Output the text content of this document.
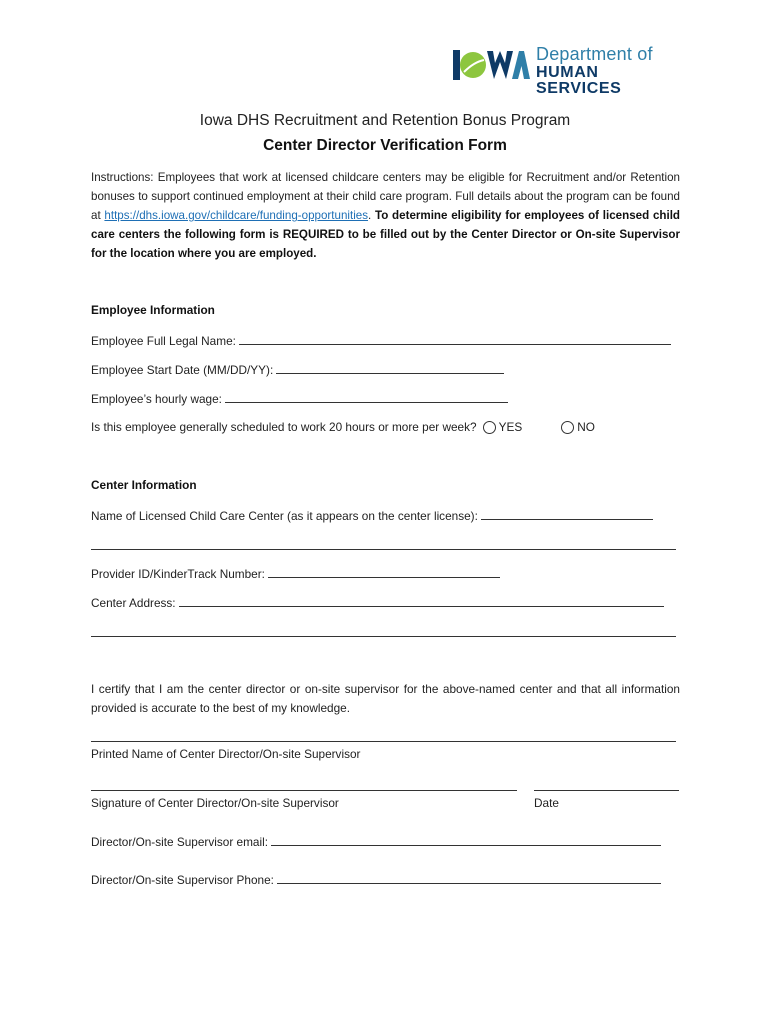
Department of
HUMAN SERVICES
Iowa DHS Recruitment and Retention Bonus Program
Center Director Verification Form
Instructions: Employees that work at licensed childcare centers may be eligible for Recruitment and/or Retention bonuses to support continued employment at their child care program. Full details about the program can be found at https://dhs.iowa.gov/childcare/funding-opportunities. To determine eligibility for employees of licensed child care centers the following form is REQUIRED to be filled out by the Center Director or On-site Supervisor for the location where you are employed.
Employee Information
Employee Full Legal Name:
Employee Start Date (MM/DD/YY):
Employee’s hourly wage:
Is this employee generally scheduled to work 20 hours or more per week? YES	NO
Center Information
Name of Licensed Child Care Center (as it appears on the center license):
Provider ID/KinderTrack Number:
Center Address:
I certify that I am the center director or on-site supervisor for the above-named center and that all information provided is accurate to the best of my knowledge.
Printed Name of Center Director/On-site Supervisor
Signature of Center Director/On-site Supervisor	Date
Director/On-site Supervisor email:
Director/On-site Supervisor Phone:
